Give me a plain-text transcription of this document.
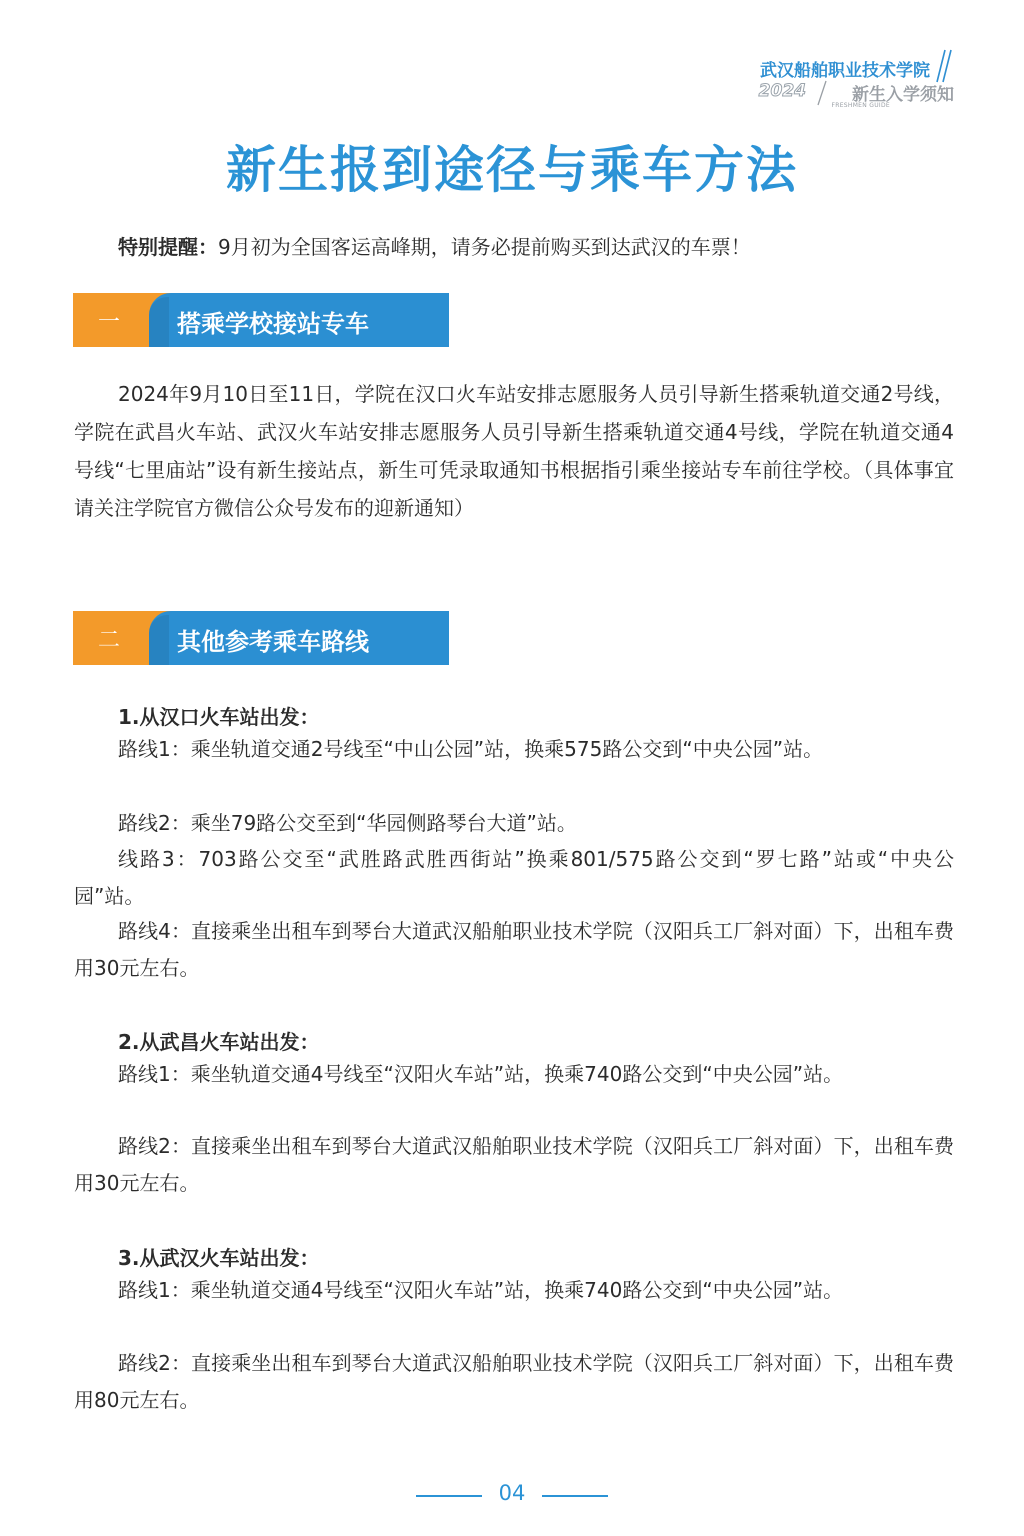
武汉船舶职业技术学院
2024	新生入学须知
FRESHMEN GUIDE
新生报到途径与乘车方法
特别提醒：9月初为全国客运高峰期，请务必提前购买到达武汉的车票！
一	搭乘学校接站专车

2024年9月10日至11日，学院在汉口火车站安排志愿服务人员引导新生搭乘轨道交通2号线，学院在武昌火车站、武汉火车站安排志愿服务人员引导新生搭乘轨道交通4号线，学院在轨道交通4号线“七里庙站”设有新生接站点，新生可凭录取通知书根据指引乘坐接站专车前往学校。（具体事宜请关注学院官方微信公众号发布的迎新通知）

二	其他参考乘车路线
1.从汉口火车站出发：

路线1：乘坐轨道交通2号线至“中山公园”站，换乘575路公交到“中央公园”站。

路线2：乘坐79路公交至到“华园侧路琴台大道”站。

线路3：703路公交至“武胜路武胜西街站”换乘801/575路公交到“罗七路”站或“中央公园”站。

路线4：直接乘坐出租车到琴台大道武汉船舶职业技术学院（汉阳兵工厂斜对面）下，出租车费用30元左右。

2.从武昌火车站出发：

路线1：乘坐轨道交通4号线至“汉阳火车站”站，换乘740路公交到“中央公园”站。

路线2：直接乘坐出租车到琴台大道武汉船舶职业技术学院（汉阳兵工厂斜对面）下，出租车费用30元左右。

3.从武汉火车站出发：

路线1：乘坐轨道交通4号线至“汉阳火车站”站，换乘740路公交到“中央公园”站。

路线2：直接乘坐出租车到琴台大道武汉船舶职业技术学院（汉阳兵工厂斜对面）下，出租车费用80元左右。

04
